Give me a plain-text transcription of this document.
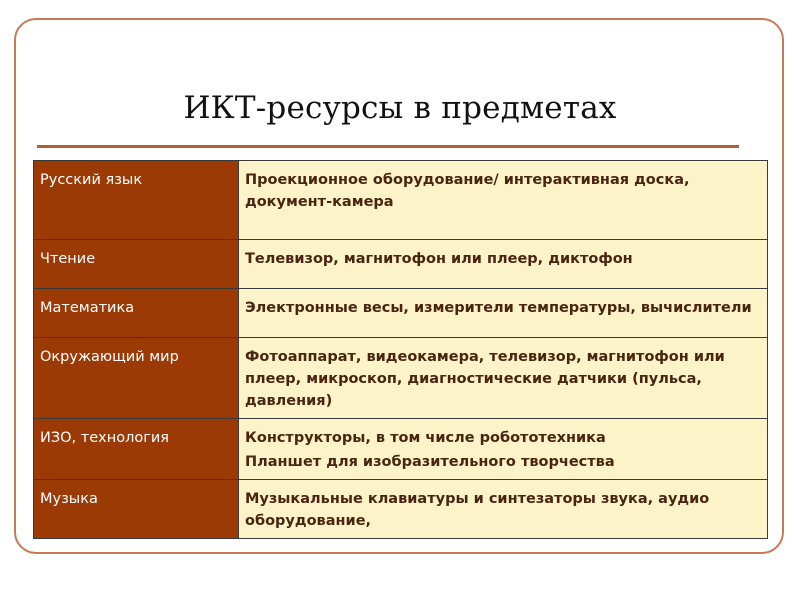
ИКТ-ресурсы в предметах
Русский язык	Проекционное оборудование/ интерактивная доска, документ-камера

Чтение	Телевизор, магнитофон или плеер, диктофон

Математика	Электронные весы, измерители температуры, вычислители

Окружающий мир	Фотоаппарат, видеокамера, телевизор, магнитофон или плеер, микроскоп, диагностические датчики (пульса, давления)

ИЗО, технология	Конструкторы, в том числе робототехника
Планшет для изобразительного творчества

Музыка	Музыкальные клавиатуры и синтезаторы звука, аудио оборудование,
